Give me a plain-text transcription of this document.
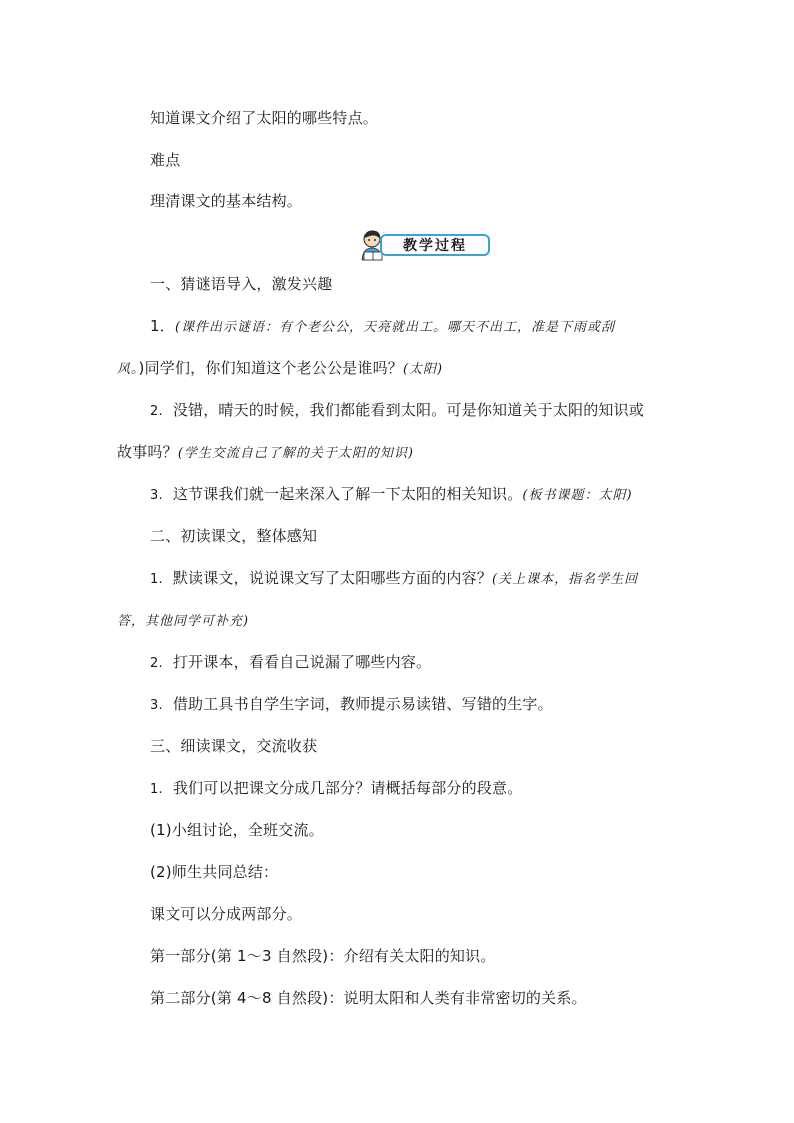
知道课文介绍了太阳的哪些特点。
难点
理清课文的基本结构。
教学过程
一、猜谜语导入，激发兴趣
1．(课件出示谜语：有个老公公，天亮就出工。哪天不出工，准是下雨或刮
风。)同学们，你们知道这个老公公是谁吗？(太阳)
2. 没错，晴天的时候，我们都能看到太阳。可是你知道关于太阳的知识或
故事吗？(学生交流自己了解的关于太阳的知识)
3. 这节课我们就一起来深入了解一下太阳的相关知识。(板书课题：太阳)
二、初读课文，整体感知
1. 默读课文，说说课文写了太阳哪些方面的内容？(关上课本，指名学生回
答，其他同学可补充)
2. 打开课本，看看自己说漏了哪些内容。
3. 借助工具书自学生字词，教师提示易读错、写错的生字。
三、细读课文，交流收获
1. 我们可以把课文分成几部分？请概括每部分的段意。
(1)小组讨论，全班交流。
(2)师生共同总结：
课文可以分成两部分。
第一部分(第 1～3 自然段)：介绍有关太阳的知识。
第二部分(第 4～8 自然段)：说明太阳和人类有非常密切的关系。
